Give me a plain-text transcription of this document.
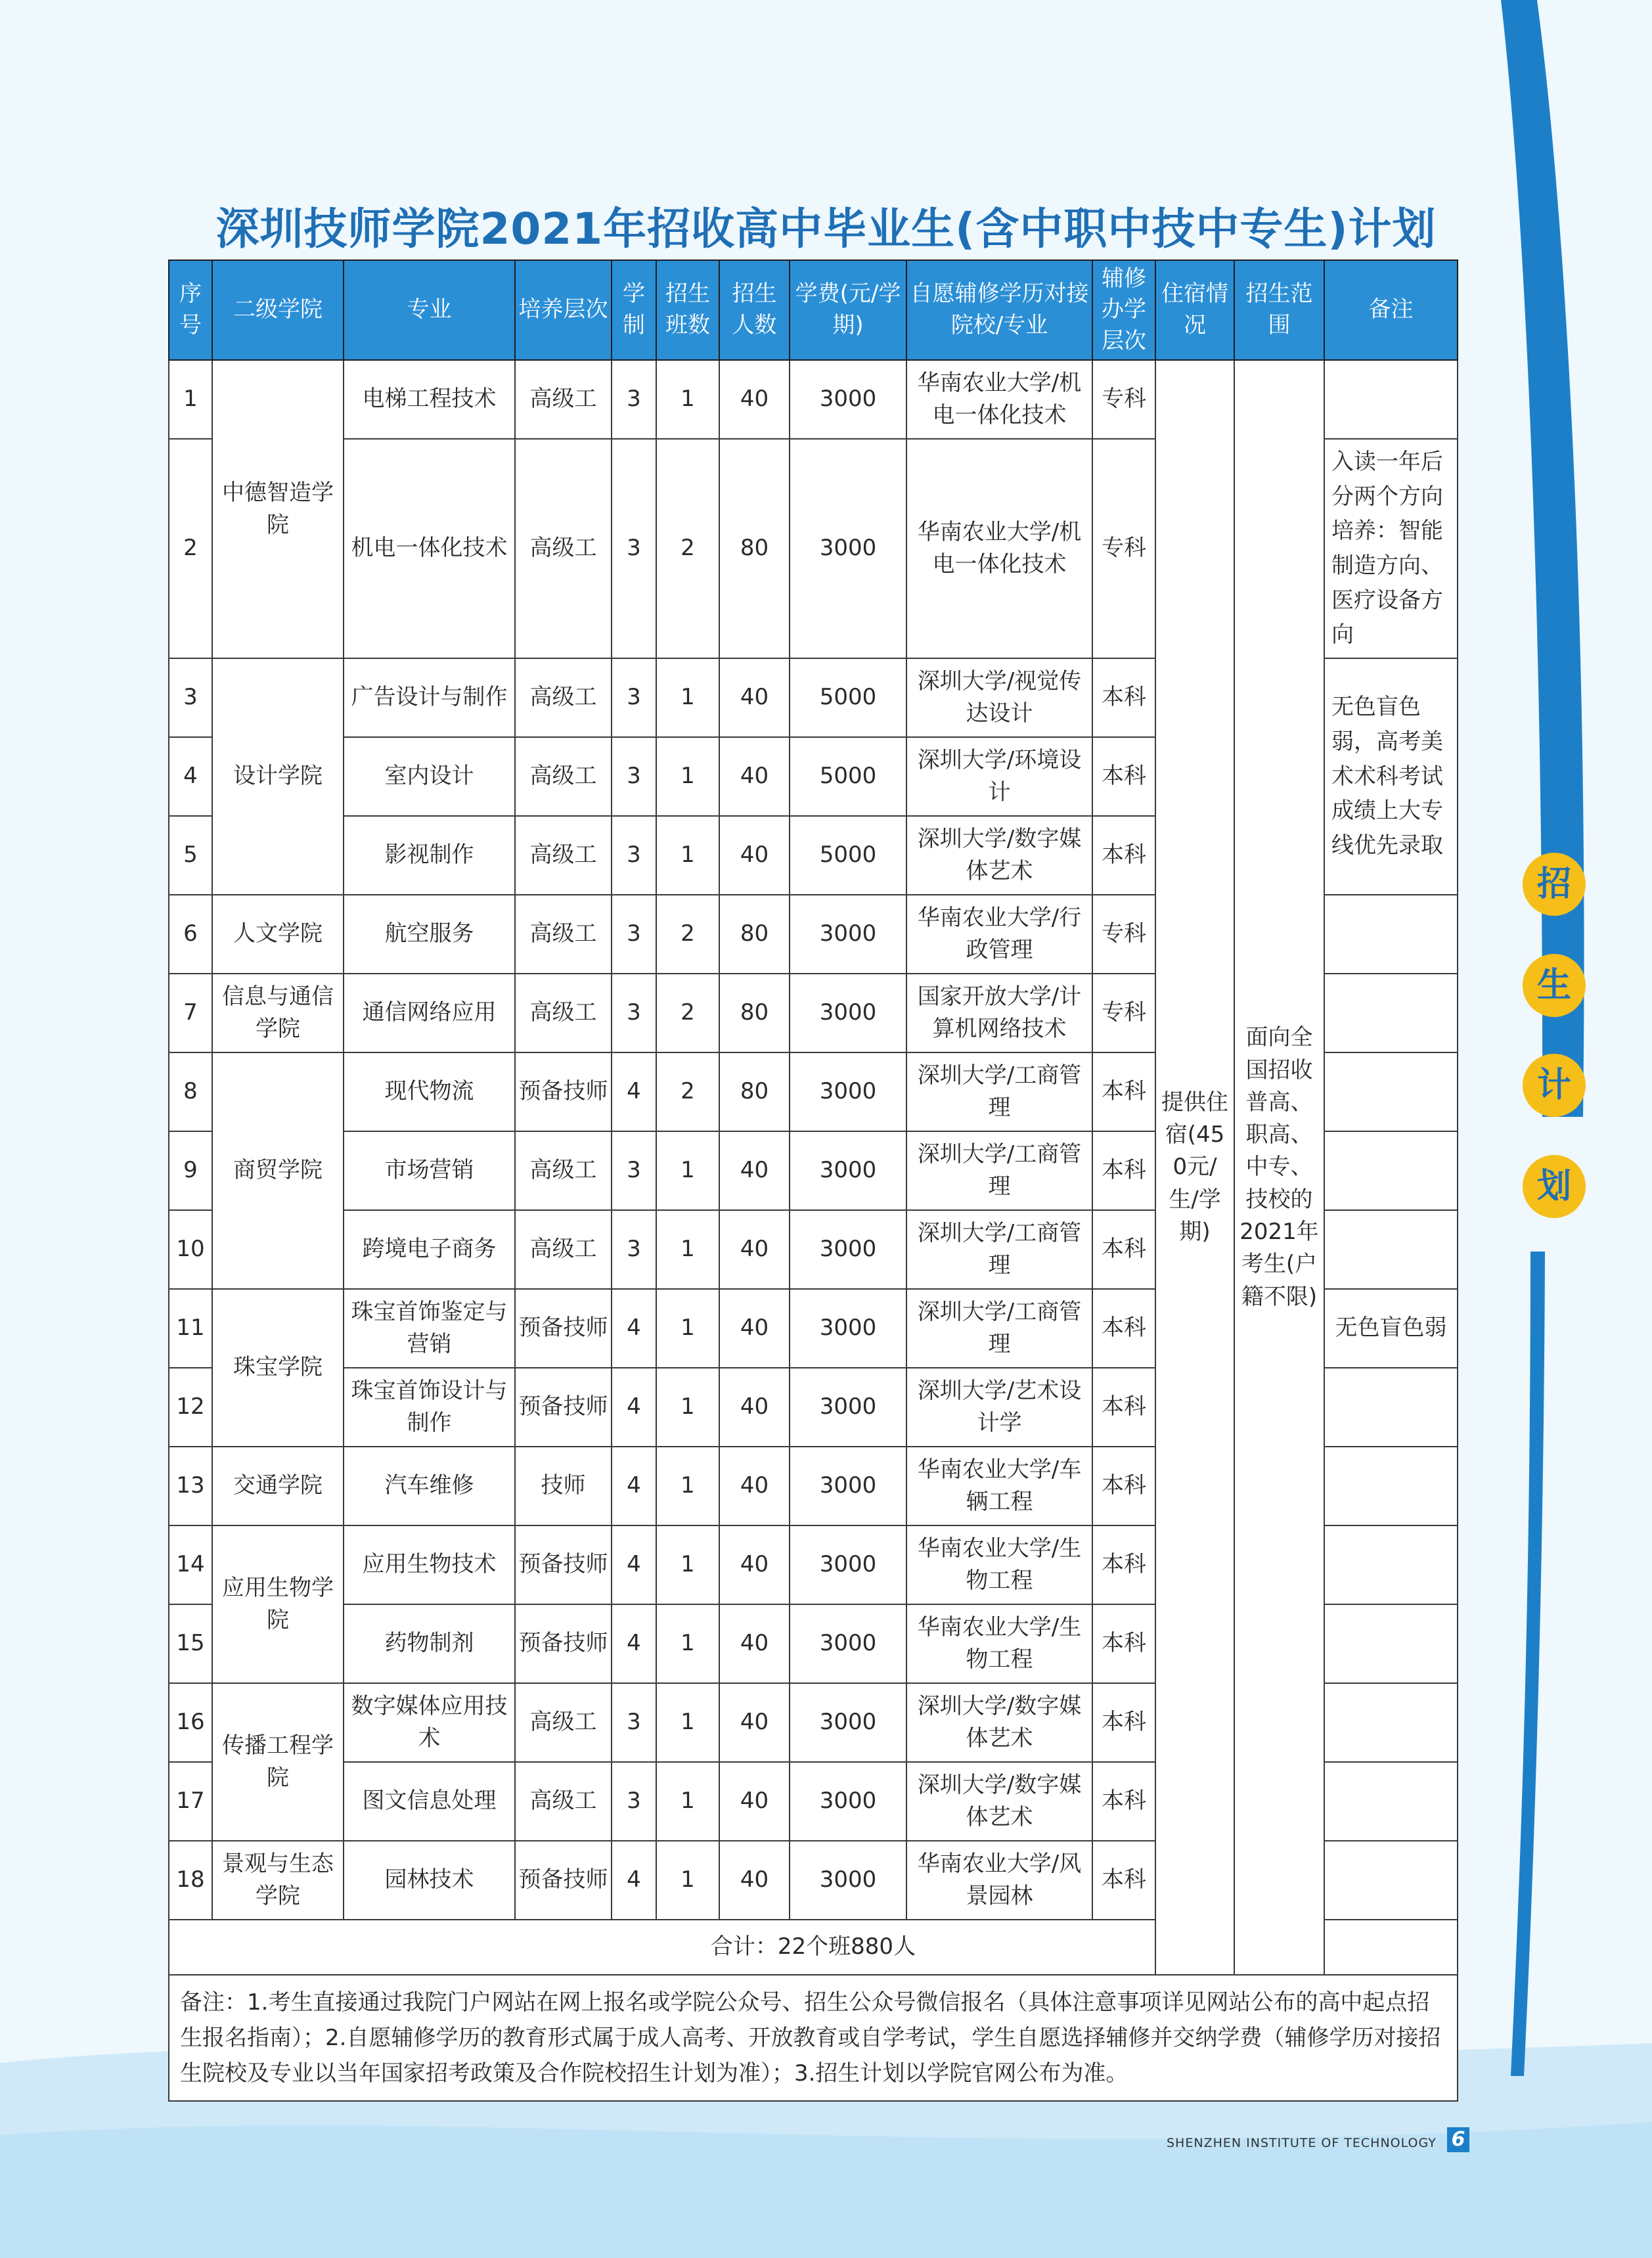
深圳技师学院2021年招收高中毕业生(含中职中技中专生)计划
序号	二级学院	专业	培养层次	学制	招生班数	招生人数	学费(元/学期)	自愿辅修学历对接院校/专业	辅修办学层次	住宿情况	招生范围	备注
1	中德智造学院	电梯工程技术	高级工	3	1	40	3000	华南农业大学/机电一体化技术	专科	提供住宿(450元/生/学期)	面向全国招收普高、职高、中专、技校的2021年考生(户籍不限)	
2		机电一体化技术	高级工	3	2	80	3000	华南农业大学/机电一体化技术	专科			入读一年后分两个方向培养：智能制造方向、医疗设备方向
3	设计学院	广告设计与制作	高级工	3	1	40	5000	深圳大学/视觉传达设计	本科			无色盲色弱，高考美术术科考试成绩上大专线优先录取
4		室内设计	高级工	3	1	40	5000	深圳大学/环境设计	本科			
5		影视制作	高级工	3	1	40	5000	深圳大学/数字媒体艺术	本科			
6	人文学院	航空服务	高级工	3	2	80	3000	华南农业大学/行政管理	专科			
7	信息与通信学院	通信网络应用	高级工	3	2	80	3000	国家开放大学/计算机网络技术	专科			
8	商贸学院	现代物流	预备技师	4	2	80	3000	深圳大学/工商管理	本科			
9		市场营销	高级工	3	1	40	3000	深圳大学/工商管理	本科			
10		跨境电子商务	高级工	3	1	40	3000	深圳大学/工商管理	本科			
11	珠宝学院	珠宝首饰鉴定与营销	预备技师	4	1	40	3000	深圳大学/工商管理	本科			无色盲色弱
12		珠宝首饰设计与制作	预备技师	4	1	40	3000	深圳大学/艺术设计学	本科			
13	交通学院	汽车维修	技师	4	1	40	3000	华南农业大学/车辆工程	本科			
14	应用生物学院	应用生物技术	预备技师	4	1	40	3000	华南农业大学/生物工程	本科			
15		药物制剂	预备技师	4	1	40	3000	华南农业大学/生物工程	本科			
16	传播工程学院	数字媒体应用技术	高级工	3	1	40	3000	深圳大学/数字媒体艺术	本科			
17		图文信息处理	高级工	3	1	40	3000	深圳大学/数字媒体艺术	本科			
18	景观与生态学院	园林技术	预备技师	4	1	40	3000	华南农业大学/风景园林	本科			
合计：22个班880人												
备注：1.考生直接通过我院门户网站在网上报名或学院公众号、招生公众号微信报名（具体注意事项详见网站公布的高中起点招生报名指南）；2.自愿辅修学历的教育形式属于成人高考、开放教育或自学考试，学生自愿选择辅修并交纳学费（辅修学历对接招生院校及专业以当年国家招考政策及合作院校招生计划为准）；3.招生计划以学院官网公布为准。												
招
生
计
划
SHENZHEN INSTITUTE OF TECHNOLOGY 6
